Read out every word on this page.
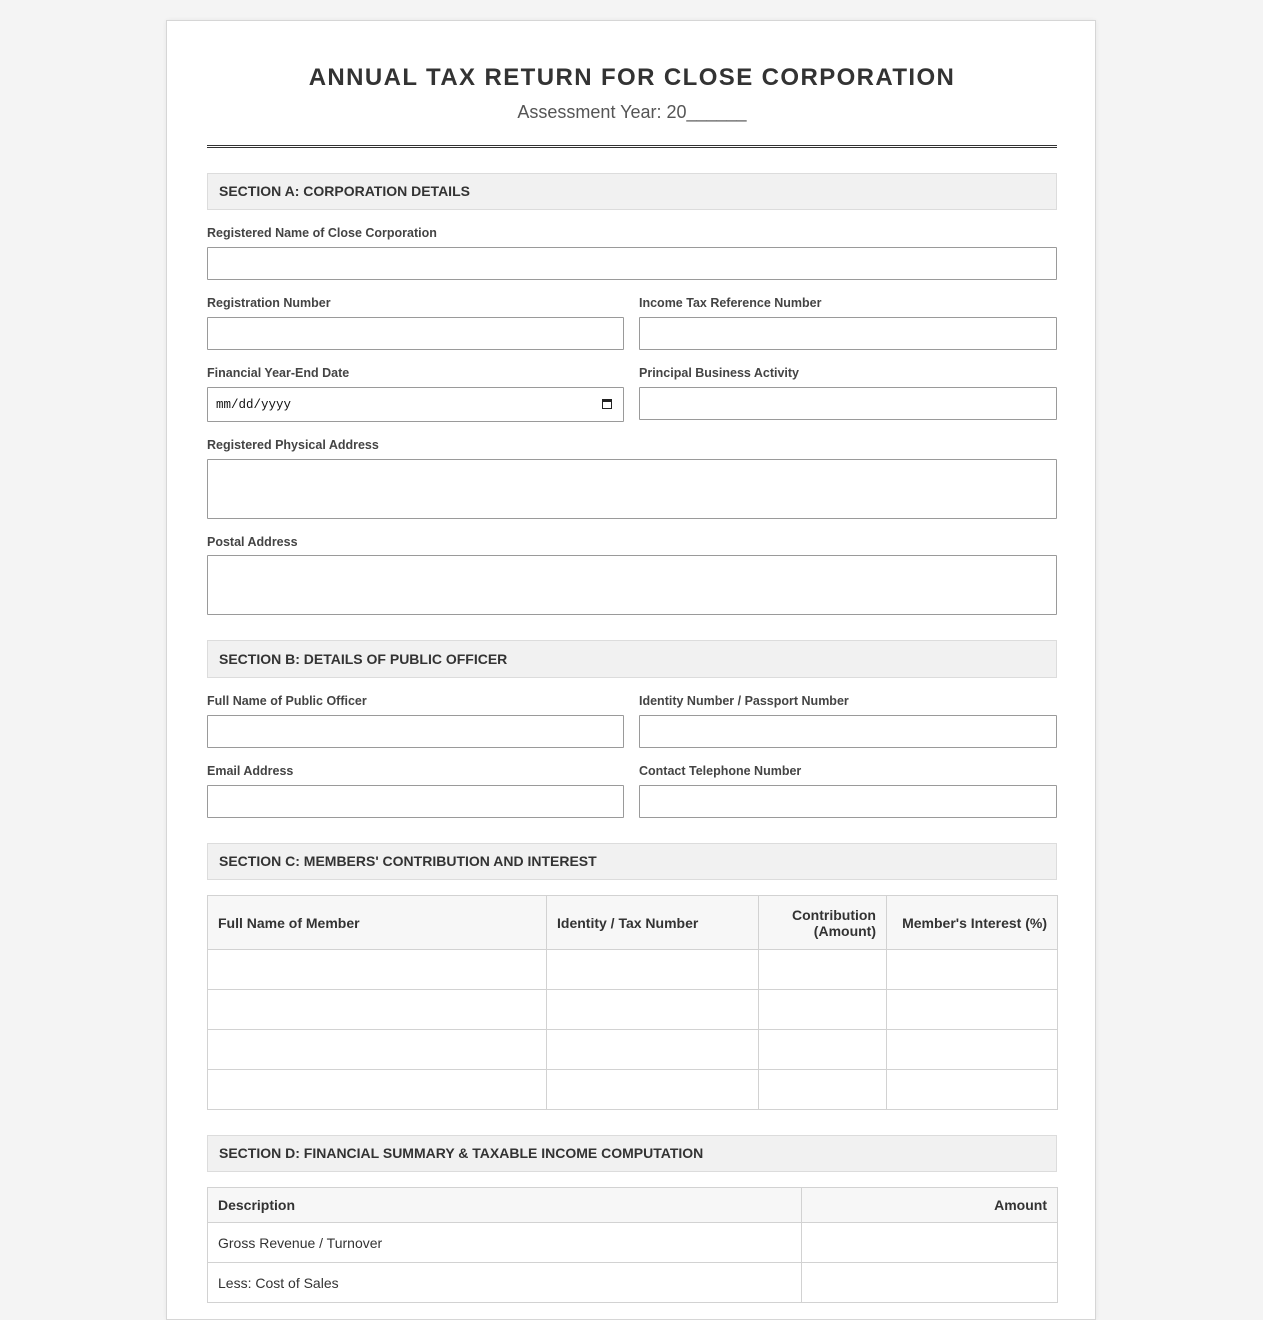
ANNUAL TAX RETURN FOR CLOSE CORPORATION
Assessment Year: 20______
SECTION A: CORPORATION DETAILS
Registered Name of Close Corporation
Registration Number	Income Tax Reference Number
Financial Year-End Date
mm/dd/yyyy
Principal Business Activity
Registered Physical Address
Postal Address
SECTION B: DETAILS OF PUBLIC OFFICER
Full Name of Public Officer	Identity Number / Passport Number
Email Address	Contact Telephone Number
SECTION C: MEMBERS' CONTRIBUTION AND INTEREST
Full Name of Member	Identity / Tax Number	Contribution (Amount)	Member's Interest (%)

SECTION D: FINANCIAL SUMMARY & TAXABLE INCOME COMPUTATION
Description	Amount
Gross Revenue / Turnover	
Less: Cost of Sales	
